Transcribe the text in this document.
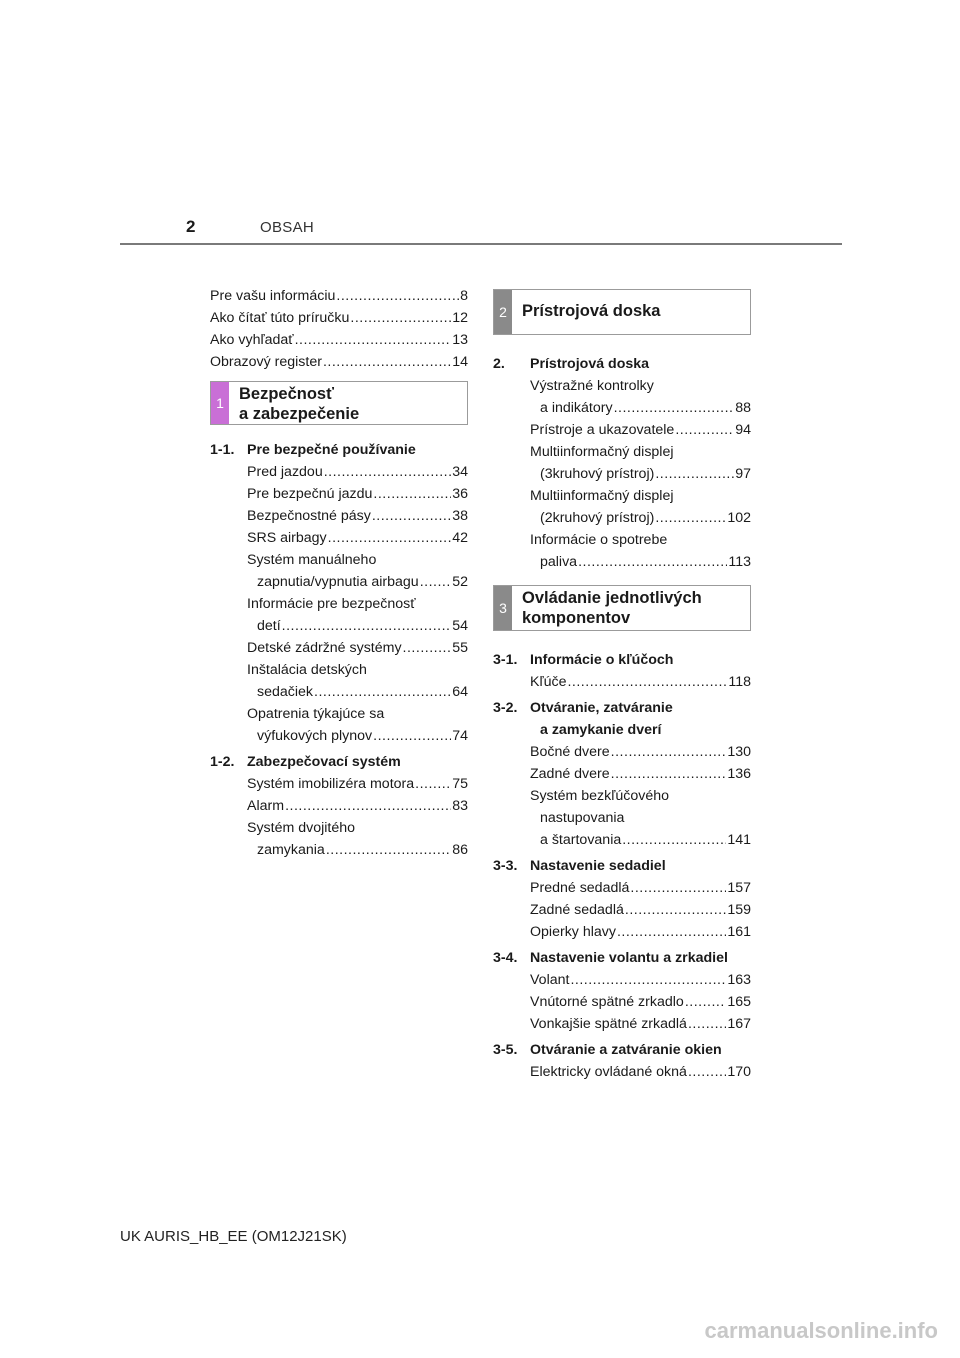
2	OBSAH
Pre vašu informáciu .....	8
Ako čítať túto príručku .....	12
Ako vyhľadať .....	13
Obrazový register .....	14
1 Bezpečnosť
a zabezpečenie
1-1. Pre bezpečné používanie
Pred jazdou .....	34
Pre bezpečnú jazdu .....	36
Bezpečnostné pásy .....	38
SRS airbagy .....	42
Systém manuálneho
zapnutia/vypnutia airbagu ..... 52
Informácie pre bezpečnosť
detí .....	54
Detské zádržné systémy .....	55
Inštalácia detských
sedačiek .....	64
Opatrenia týkajúce sa
výfukových plynov .....	74
1-2. Zabezpečovací systém
Systém imobilizéra motora .....	75
Alarm .....	83
Systém dvojitého
zamykania .....	86
2 Prístrojová doska
2.	Prístrojová doska
Výstražné kontrolky
a indikátory .....	88
Prístroje a ukazovatele .....	94
Multiinformačný displej
(3kruhový prístroj) .....	97
Multiinformačný displej
(2kruhový prístroj) .....	102
Informácie o spotrebe
paliva .....	113
3
Ovládanie jednotlivých
komponentov
3-1. Informácie o kľúčoch
Kľúče .....	118
3-2. Otváranie, zatváranie
a zamykanie dverí
Bočné dvere .....	130
Zadné dvere .....	136
Systém bezkľúčového
nastupovania
a štartovania .....	141
3-3. Nastavenie sedadiel
Predné sedadlá .....	157
Zadné sedadlá .....	159
Opierky hlavy .....	161
3-4. Nastavenie volantu a zrkadiel
Volant .....	163
Vnútorné spätné zrkadlo .....	165
Vonkajšie spätné zrkadlá .....	167
3-5. Otváranie a zatváranie okien
Elektricky ovládané okná .....	170
UK AURIS_HB_EE (OM12J21SK)
carmanualsonline.info
